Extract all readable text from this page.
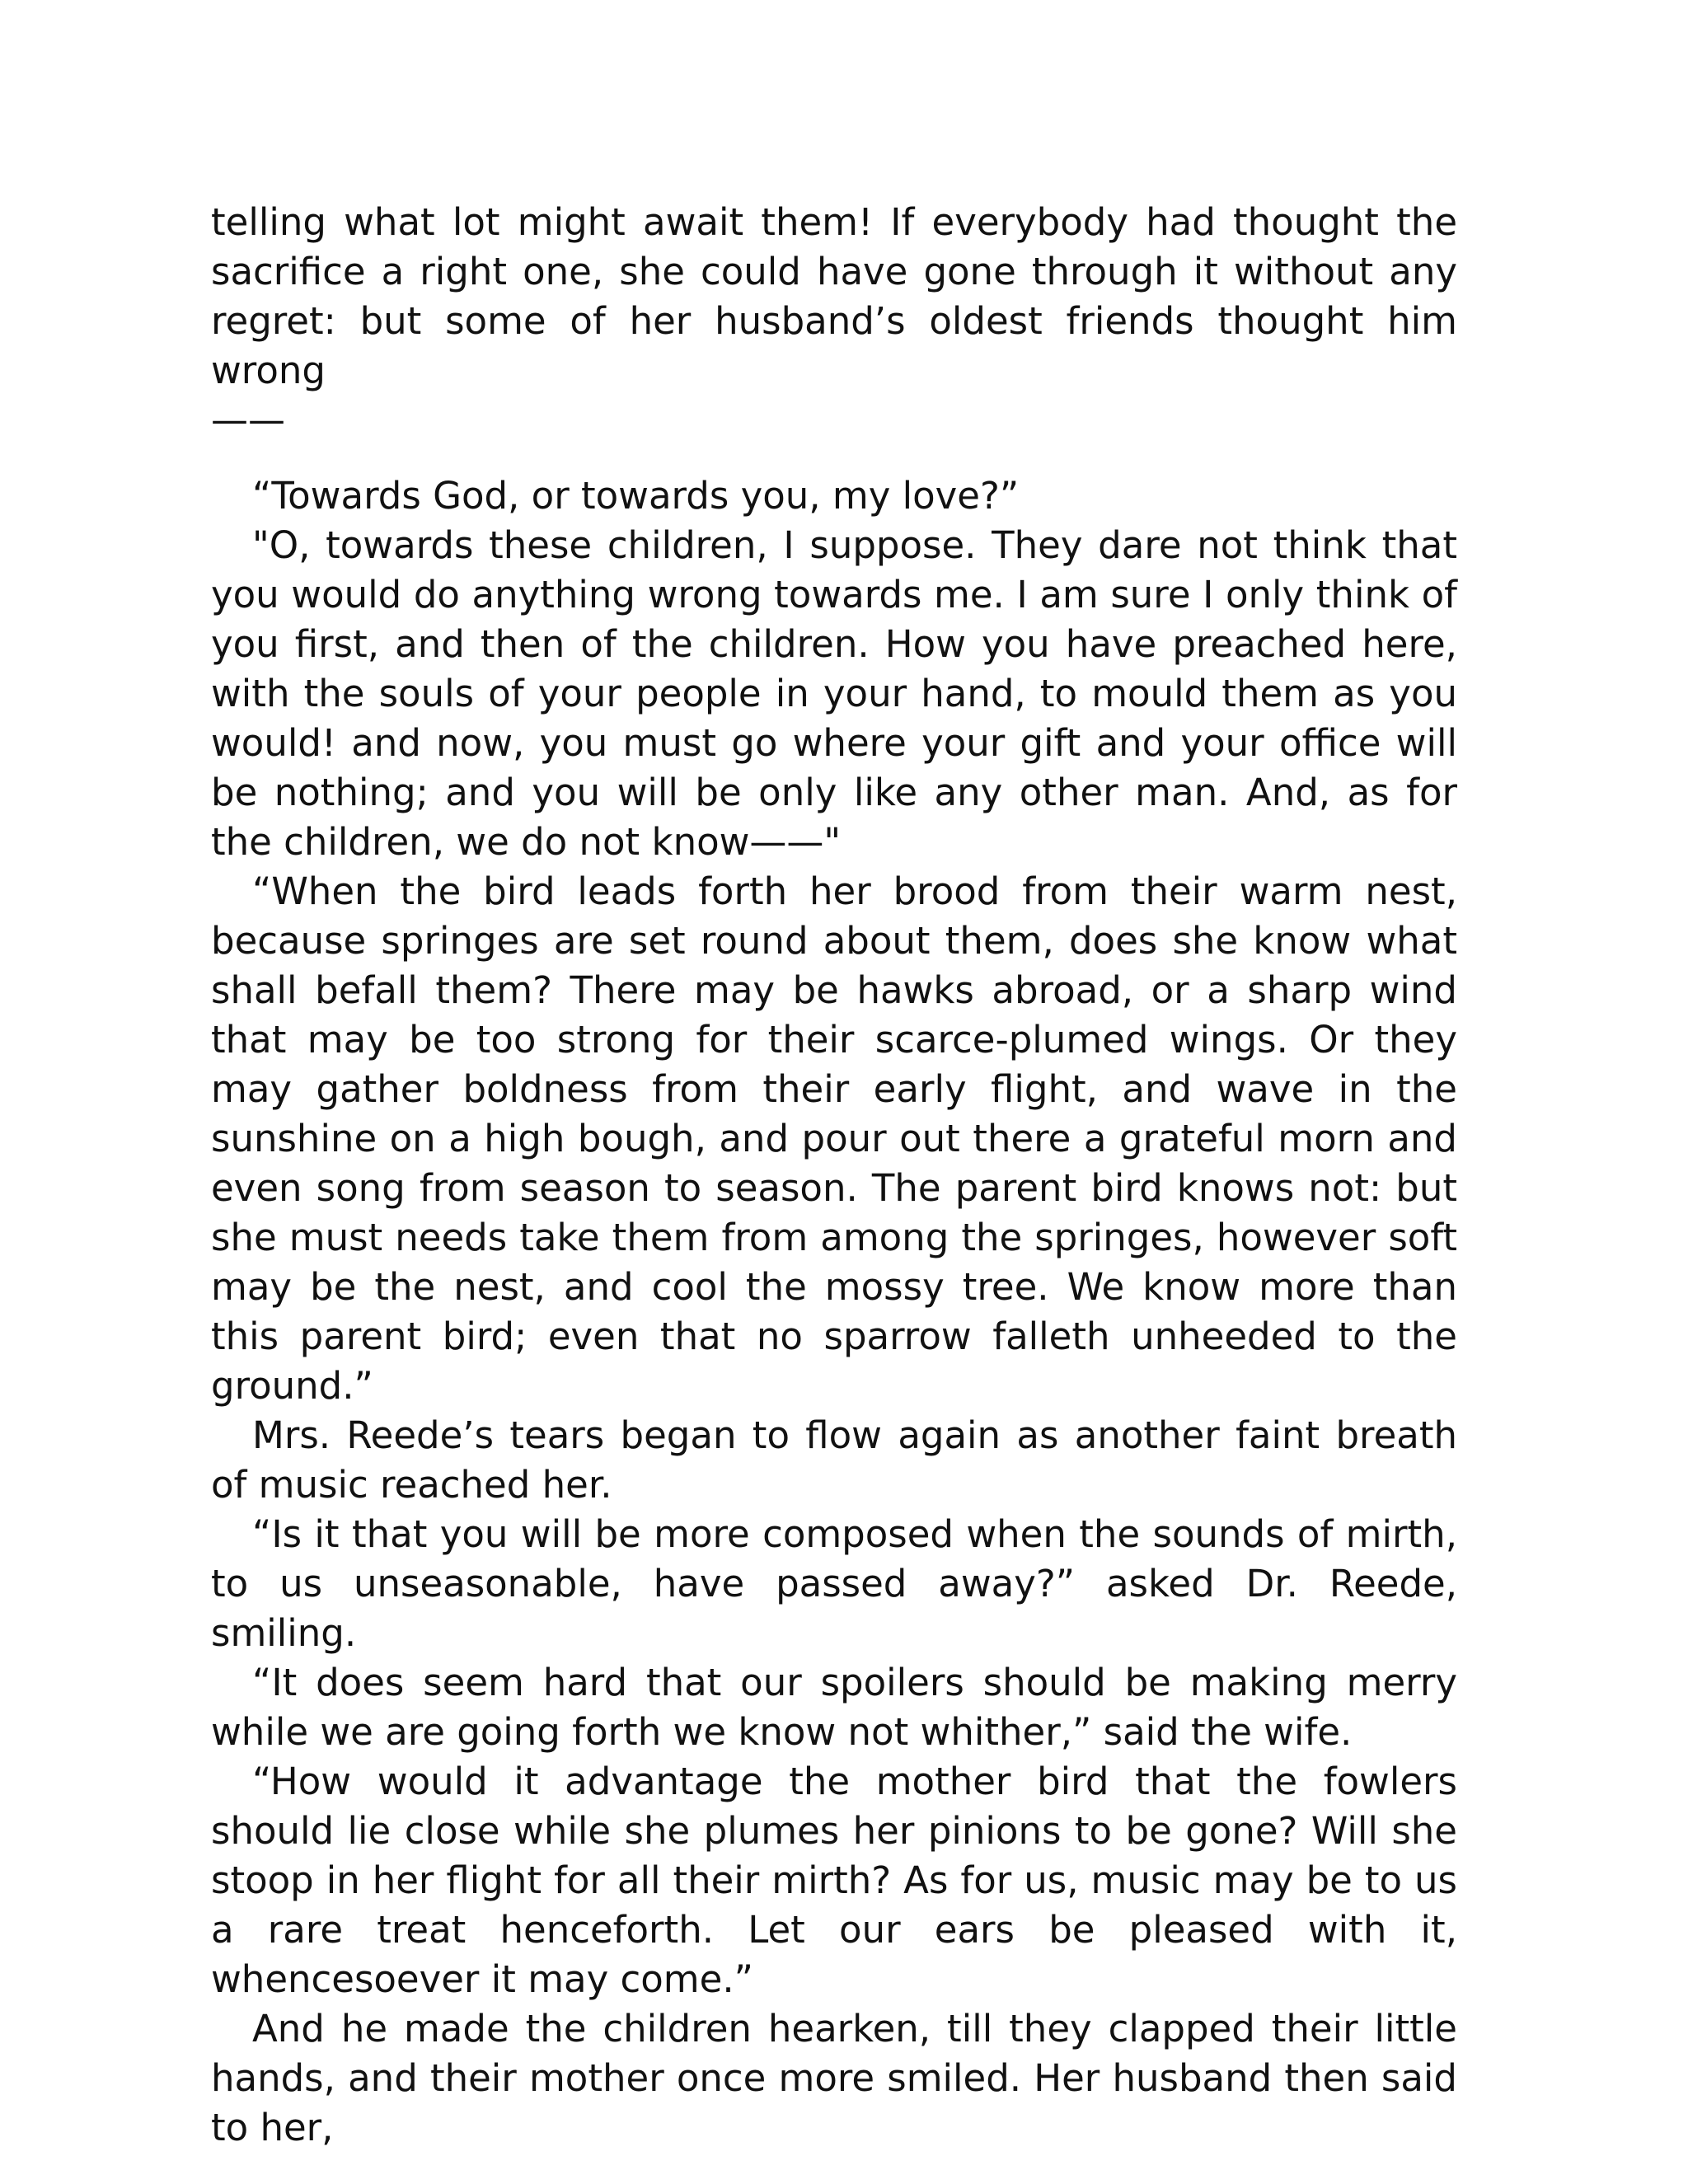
telling what lot might await them! If everybody had thought the sacrifice a right one, she could have gone through it without any regret: but some of her husband’s oldest friends thought him wrong
——

“Towards God, or towards you, my love?”

"O, towards these children, I suppose. They dare not think that you would do anything wrong towards me. I am sure I only think of you first, and then of the children. How you have preached here, with the souls of your people in your hand, to mould them as you would! and now, you must go where your gift and your office will be nothing; and you will be only like any other man. And, as for the children, we do not know——"

“When the bird leads forth her brood from their warm nest, because springes are set round about them, does she know what shall befall them? There may be hawks abroad, or a sharp wind that may be too strong for their scarce-plumed wings. Or they may gather boldness from their early flight, and wave in the sunshine on a high bough, and pour out there a grateful morn and even song from season to season. The parent bird knows not: but she must needs take them from among the springes, however soft may be the nest, and cool the mossy tree. We know more than this parent bird; even that no sparrow falleth unheeded to the ground.”

Mrs. Reede’s tears began to flow again as another faint breath of music reached her.

“Is it that you will be more composed when the sounds of mirth, to us unseasonable, have passed away?” asked Dr. Reede, smiling.

“It does seem hard that our spoilers should be making merry while we are going forth we know not whither,” said the wife.

“How would it advantage the mother bird that the fowlers should lie close while she plumes her pinions to be gone? Will she stoop in her flight for all their mirth? As for us, music may be to us a rare treat henceforth. Let our ears be pleased with it, whencesoever it may come.”

And he made the children hearken, till they clapped their little hands, and their mother once more smiled. Her husband then said to her,
